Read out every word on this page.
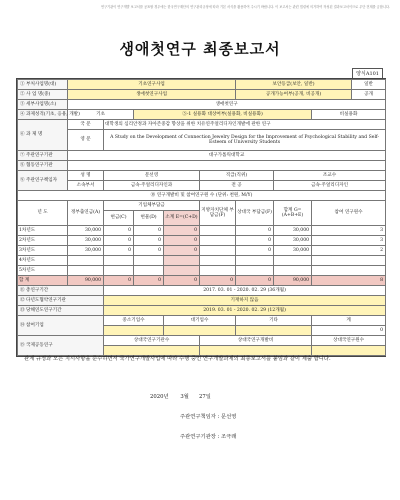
연구기관이 연구개발 보고서를 공표할 경우에는 한국연구재단의 연구관리규정에 따라 기본 서식을 활용하여 주시기 바랍니다. 이 보고서는 관련 법령에 의거하여 작성된 결과보고서이므로 무단 전재를 금합니다.
생애첫연구 최종보고서
양식A101
① 부처사업명(대)	기초연구사업					보안등급(보안, 일반)			일반
② 사 업 명(중)	생애첫연구사업					공개가능여부(공개, 비공개)			공개
③ 세부사업명(소)	생애첫연구								
④ 과제성격(기초, 응용, 개발)	기초		⑤-1 실용화 대상여부(실용화, 비실용화)					비실용화	
⑥ 과 제 명	국 문	대학생의 심리안정과 자아존중감 향상을 위한 치유연주얼리디자인개발에 관한 연구							
	영 문	A Study on the Development of Connection Jewelry Design for the Improvement of Psychological Stability and Self-Esteem of University Students							
⑦ 주관연구기관	대구가톨릭대학교								
⑧ 협동연구기관									
⑨ 주관연구책임자	성 명	문선영			직급(직위)		조교수		
	소속부서	금속·주얼리디자인과			전 공		금속·주얼리디자인		
⑩ 연구개발비 및 참여연구원 수 (단위: 천원, M/Y)									
년 도	정부출연금(A)	기업체부담금			지방자치단체 부담금(F)	상대국 부담금(F)	합계 G=(A+B+E)	참여 연구원수	
		현금(C)	현물(D)	소계 E=(C+D)					
1차년도	30,000	0	0	0		0	30,000	3	
2차년도	30,000	0	0	0		0	30,000	3	
3차년도	30,000	0	0	0		0	30,000	2	
4차년도									
5차년도									
합 계	90,000	0	0	0	0	0	90,000	8	
⑪ 총연구기간		2017. 03. 01 - 2020. 02. 29 (36개월)							
⑫ 다년도협약연구기관		기재하지 않음							
⑬ 당해연도연구기간		2019. 03. 01 - 2020. 02. 29 (12개월)							
⑭ 참여기업		중소기업수		대기업수		기타		계	
								0	
⑮ 국제공동연구		상대국연구기관수			상대국연구개발비			상대국연구원수	

관계 규정과 모든 지시사항을 준수하면서 국가연구개발사업에 따라 수행 중인 연구개발과제의 최종보고서를 붙임과 같이 제출 합니다.
2020년 3월 27일
주관연구책임자 : 문선영
주관연구기관장 : 조극래
